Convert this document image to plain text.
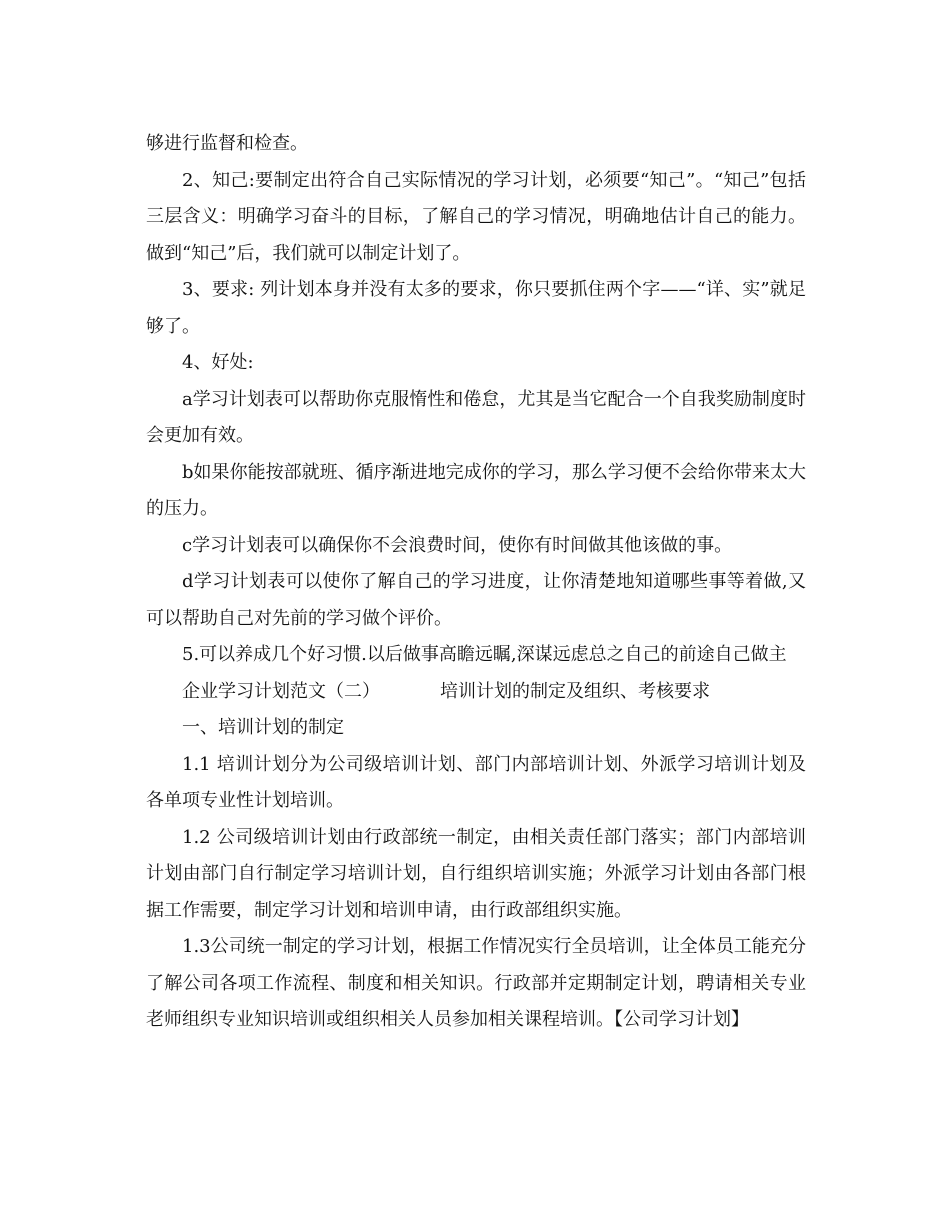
够进行监督和检查。

2、知己:要制定出符合自己实际情况的学习计划，必须要“知己”。“知己”包括三层含义：明确学习奋斗的目标，了解自己的学习情况，明确地估计自己的能力。做到“知己”后，我们就可以制定计划了。

3、要求: 列计划本身并没有太多的要求，你只要抓住两个字——“详、实”就足够了。

4、好处:

a学习计划表可以帮助你克服惰性和倦怠，尤其是当它配合一个自我奖励制度时会更加有效。

b如果你能按部就班、循序渐进地完成你的学习，那么学习便不会给你带来太大的压力。

c学习计划表可以确保你不会浪费时间，使你有时间做其他该做的事。

d学习计划表可以使你了解自己的学习进度，让你清楚地知道哪些事等着做,又可以帮助自己对先前的学习做个评价。

5.可以养成几个好习惯.以后做事高瞻远瞩,深谋远虑总之自己的前途自己做主

企业学习计划范文（二）	培训计划的制定及组织、考核要求

一、培训计划的制定

1.1 培训计划分为公司级培训计划、部门内部培训计划、外派学习培训计划及各单项专业性计划培训。

1.2 公司级培训计划由行政部统一制定，由相关责任部门落实；部门内部培训计划由部门自行制定学习培训计划，自行组织培训实施；外派学习计划由各部门根据工作需要，制定学习计划和培训申请，由行政部组织实施。

1.3公司统一制定的学习计划，根据工作情况实行全员培训，让全体员工能充分了解公司各项工作流程、制度和相关知识。行政部并定期制定计划，聘请相关专业老师组织专业知识培训或组织相关人员参加相关课程培训。【公司学习计划】
